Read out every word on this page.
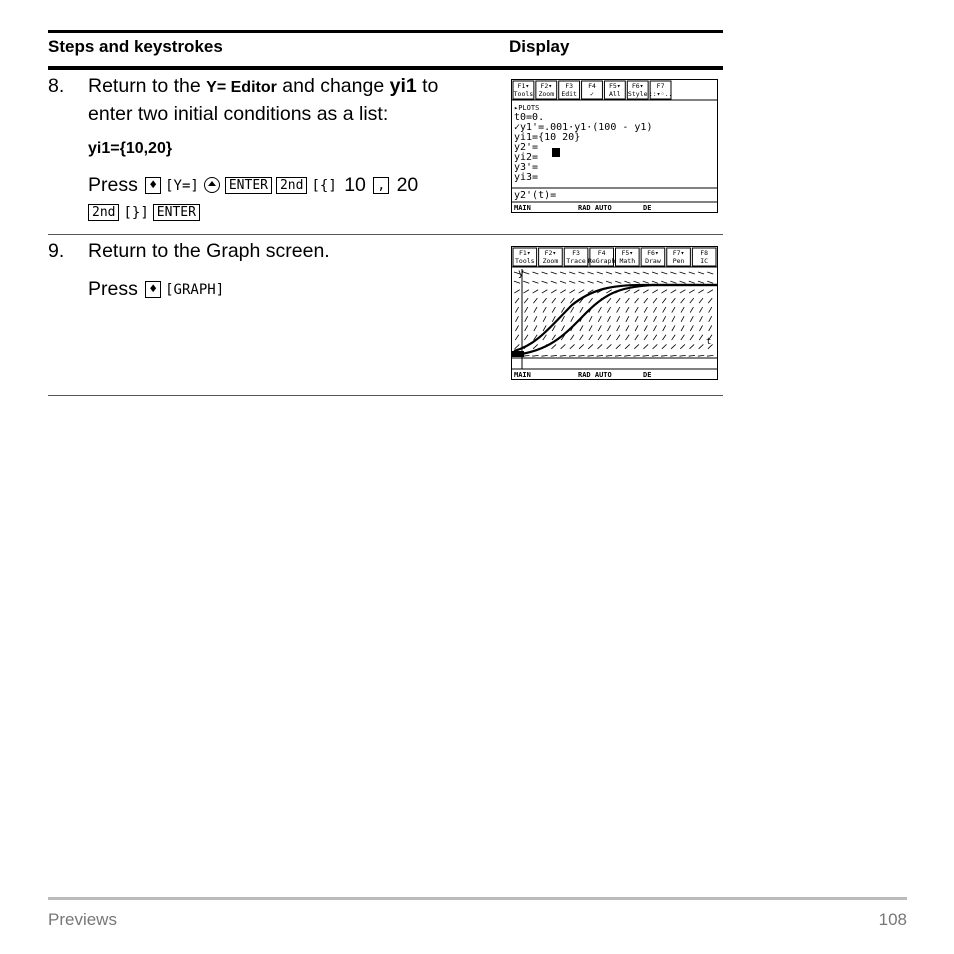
Steps and keystrokes	Display
8. Return to the Y= Editor and change yi1 to
enter two initial conditions as a list:
yi1={10,20}
Press ♦ [ Y= ]	ENTER 2nd [ { ] 10 , 20
2nd [ } ] ENTER
F1▾
Tools
F2▾
Zoom
F3
Edit
F4
✓
F5▾
All
F6▾
Style
F7
::▾◦..
▸PLOTS
t0=0.
✓y1'=.001·y1·(100 - y1)
yi1={10 20}
y2'=
yi2=
y3'=
yi3=
y2'(t)=
MAIN	RAD AUTO	DE
9. Return to the Graph screen.
Press ♦ [ GRAPH ]
F1▾
Tools
F2▾
Zoom
F3
Trace
F4
ReGraph
F5▾
Math
F6▾
Draw
F7▾
Pen
F8
IC
y
t
MAIN	RAD AUTO	DE
Previews	108
